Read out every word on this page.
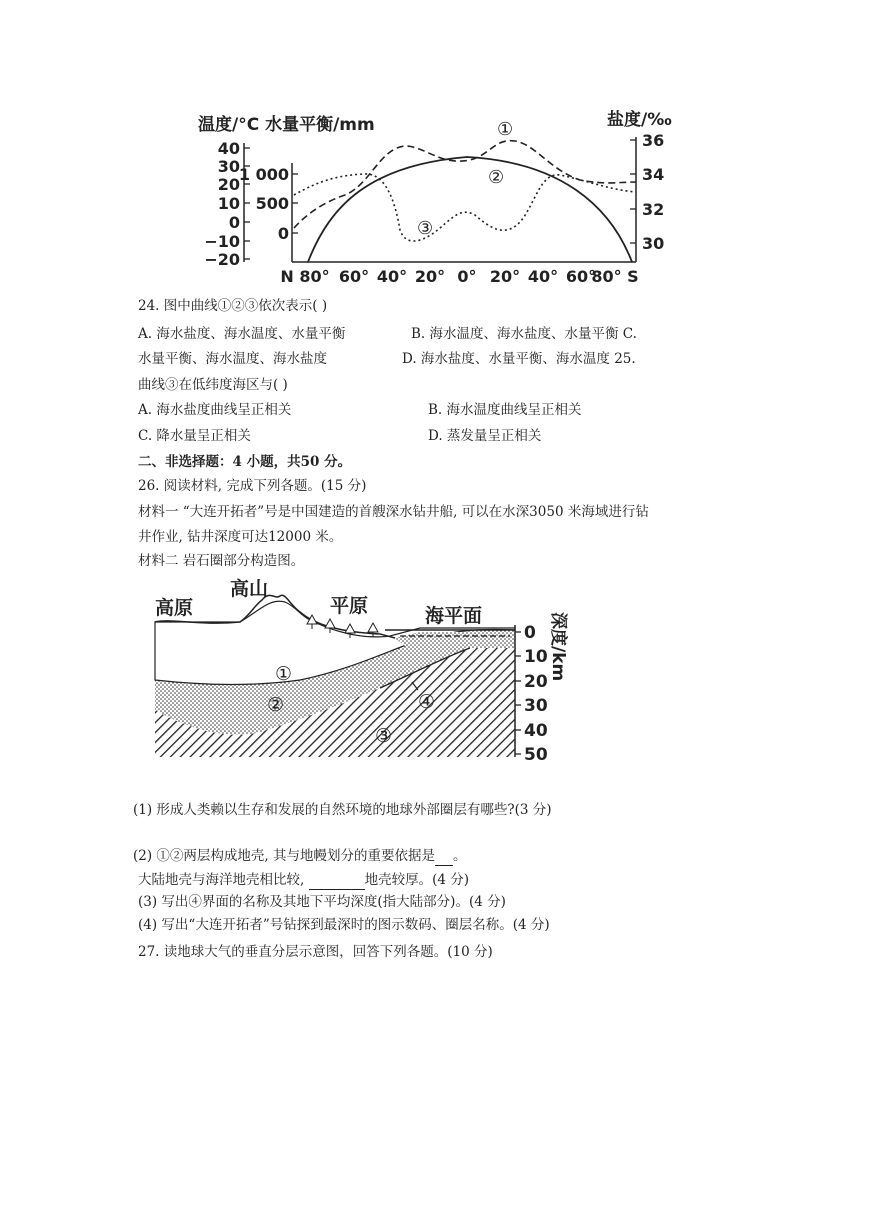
温度/°C 水量平衡/mm	盐度/‰
40
30
20
10
0
−10
−20
1 000
500
0
36
34
32
30
N 80° 60° 40° 20° 0° 20° 40° 60°
80° S
①
②
③
24. 图中曲线①②③依次表示( )
A. 海水盐度、海水温度、水量平衡	B. 海水温度、海水盐度、水量平衡 C.
水量平衡、海水温度、海水盐度	D. 海水盐度、水量平衡、海水温度 25.
曲线③在低纬度海区与( )
A. 海水盐度曲线呈正相关	B. 海水温度曲线呈正相关
C. 降水量呈正相关	D. 蒸发量呈正相关
二、非选择题：4 小题，共50 分。
26. 阅读材料, 完成下列各题。(15 分)
材料一 “大连开拓者”号是中国建造的首艘深水钻井船, 可以在水深3050 米海域进行钻
井作业, 钻井深度可达12000 米。
材料二 岩石圈部分构造图。
高原
高山
平原	海平面
①
②
③
④
0
10
20
30
40
50
深度/km
(1) 形成人类赖以生存和发展的自然环境的地球外部圈层有哪些?(3 分)
(2) ①②两层构成地壳, 其与地幔划分的重要依据是 。
大陆地壳与海洋地壳相比较,	地壳较厚。(4 分)
(3) 写出④界面的名称及其地下平均深度(指大陆部分)。(4 分)
(4) 写出“大连开拓者”号钻探到最深时的图示数码、圈层名称。(4 分)
27. 读地球大气的垂直分层示意图，回答下列各题。(10 分)
